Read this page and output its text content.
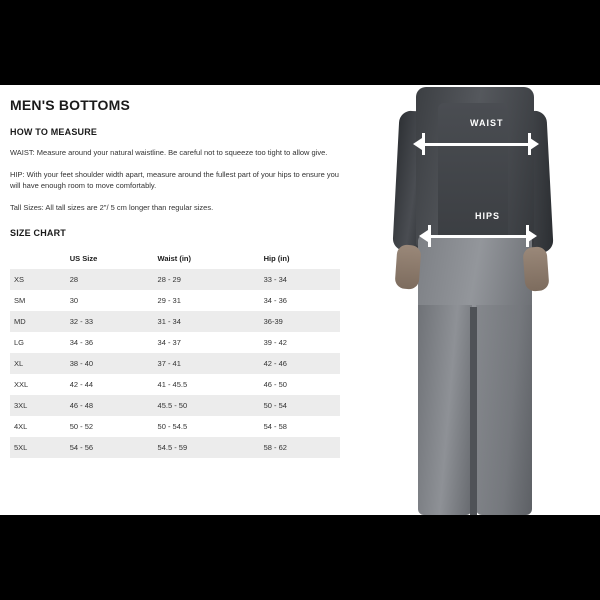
MEN'S BOTTOMS
HOW TO MEASURE

WAIST: Measure around your natural waistline. Be careful not to squeeze too tight to allow give.

HIP: With your feet shoulder width apart, measure around the fullest part of your hips to ensure you will have enough room to move comfortably.

Tall Sizes: All tall sizes are 2"/ 5 cm longer than regular sizes.

SIZE CHART
	US Size	Waist (in)	Hip (in)
XS	28	28 - 29	33 - 34
SM	30	29 - 31	34 - 36
MD	32 - 33	31 - 34	36-39
LG	34 - 36	34 - 37	39 - 42
XL	38 - 40	37 - 41	42 - 46
XXL	42 - 44	41 - 45.5	46 - 50
3XL	46 - 48	45.5 - 50	50 - 54
4XL	50 - 52	50 - 54.5	54 - 58
5XL	54 - 56	54.5 - 59	58 - 62
WAIST
HIPS
